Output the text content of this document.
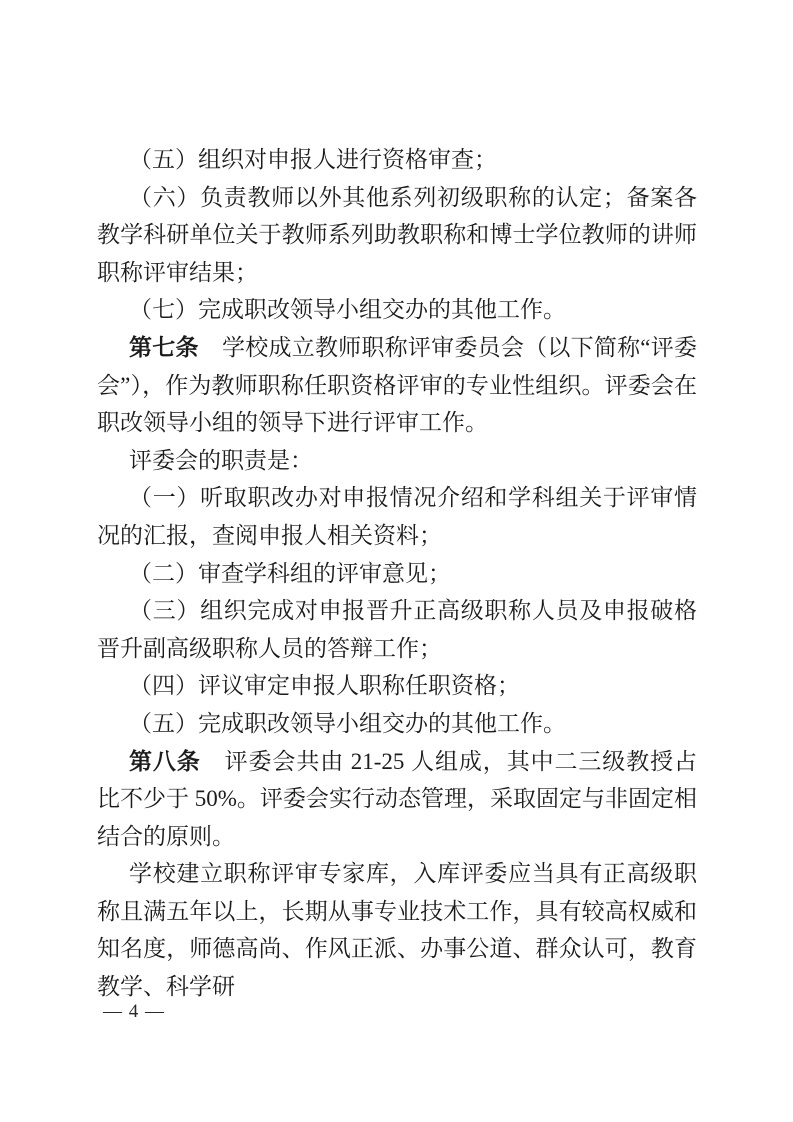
（五）组织对申报人进行资格审查；

（六）负责教师以外其他系列初级职称的认定；备案各教学科研单位关于教师系列助教职称和博士学位教师的讲师职称评审结果；

（七）完成职改领导小组交办的其他工作。

第七条　学校成立教师职称评审委员会（以下简称“评委会”），作为教师职称任职资格评审的专业性组织。评委会在职改领导小组的领导下进行评审工作。

评委会的职责是：

（一）听取职改办对申报情况介绍和学科组关于评审情况的汇报，查阅申报人相关资料；

（二）审查学科组的评审意见；

（三）组织完成对申报晋升正高级职称人员及申报破格晋升副高级职称人员的答辩工作；

（四）评议审定申报人职称任职资格；

（五）完成职改领导小组交办的其他工作。

第八条　评委会共由 21-25 人组成，其中二三级教授占比不少于 50%。评委会实行动态管理，采取固定与非固定相结合的原则。

学校建立职称评审专家库，入库评委应当具有正高级职称且满五年以上，长期从事专业技术工作，具有较高权威和知名度，师德高尚、作风正派、办事公道、群众认可，教育教学、科学研

— 4 —
